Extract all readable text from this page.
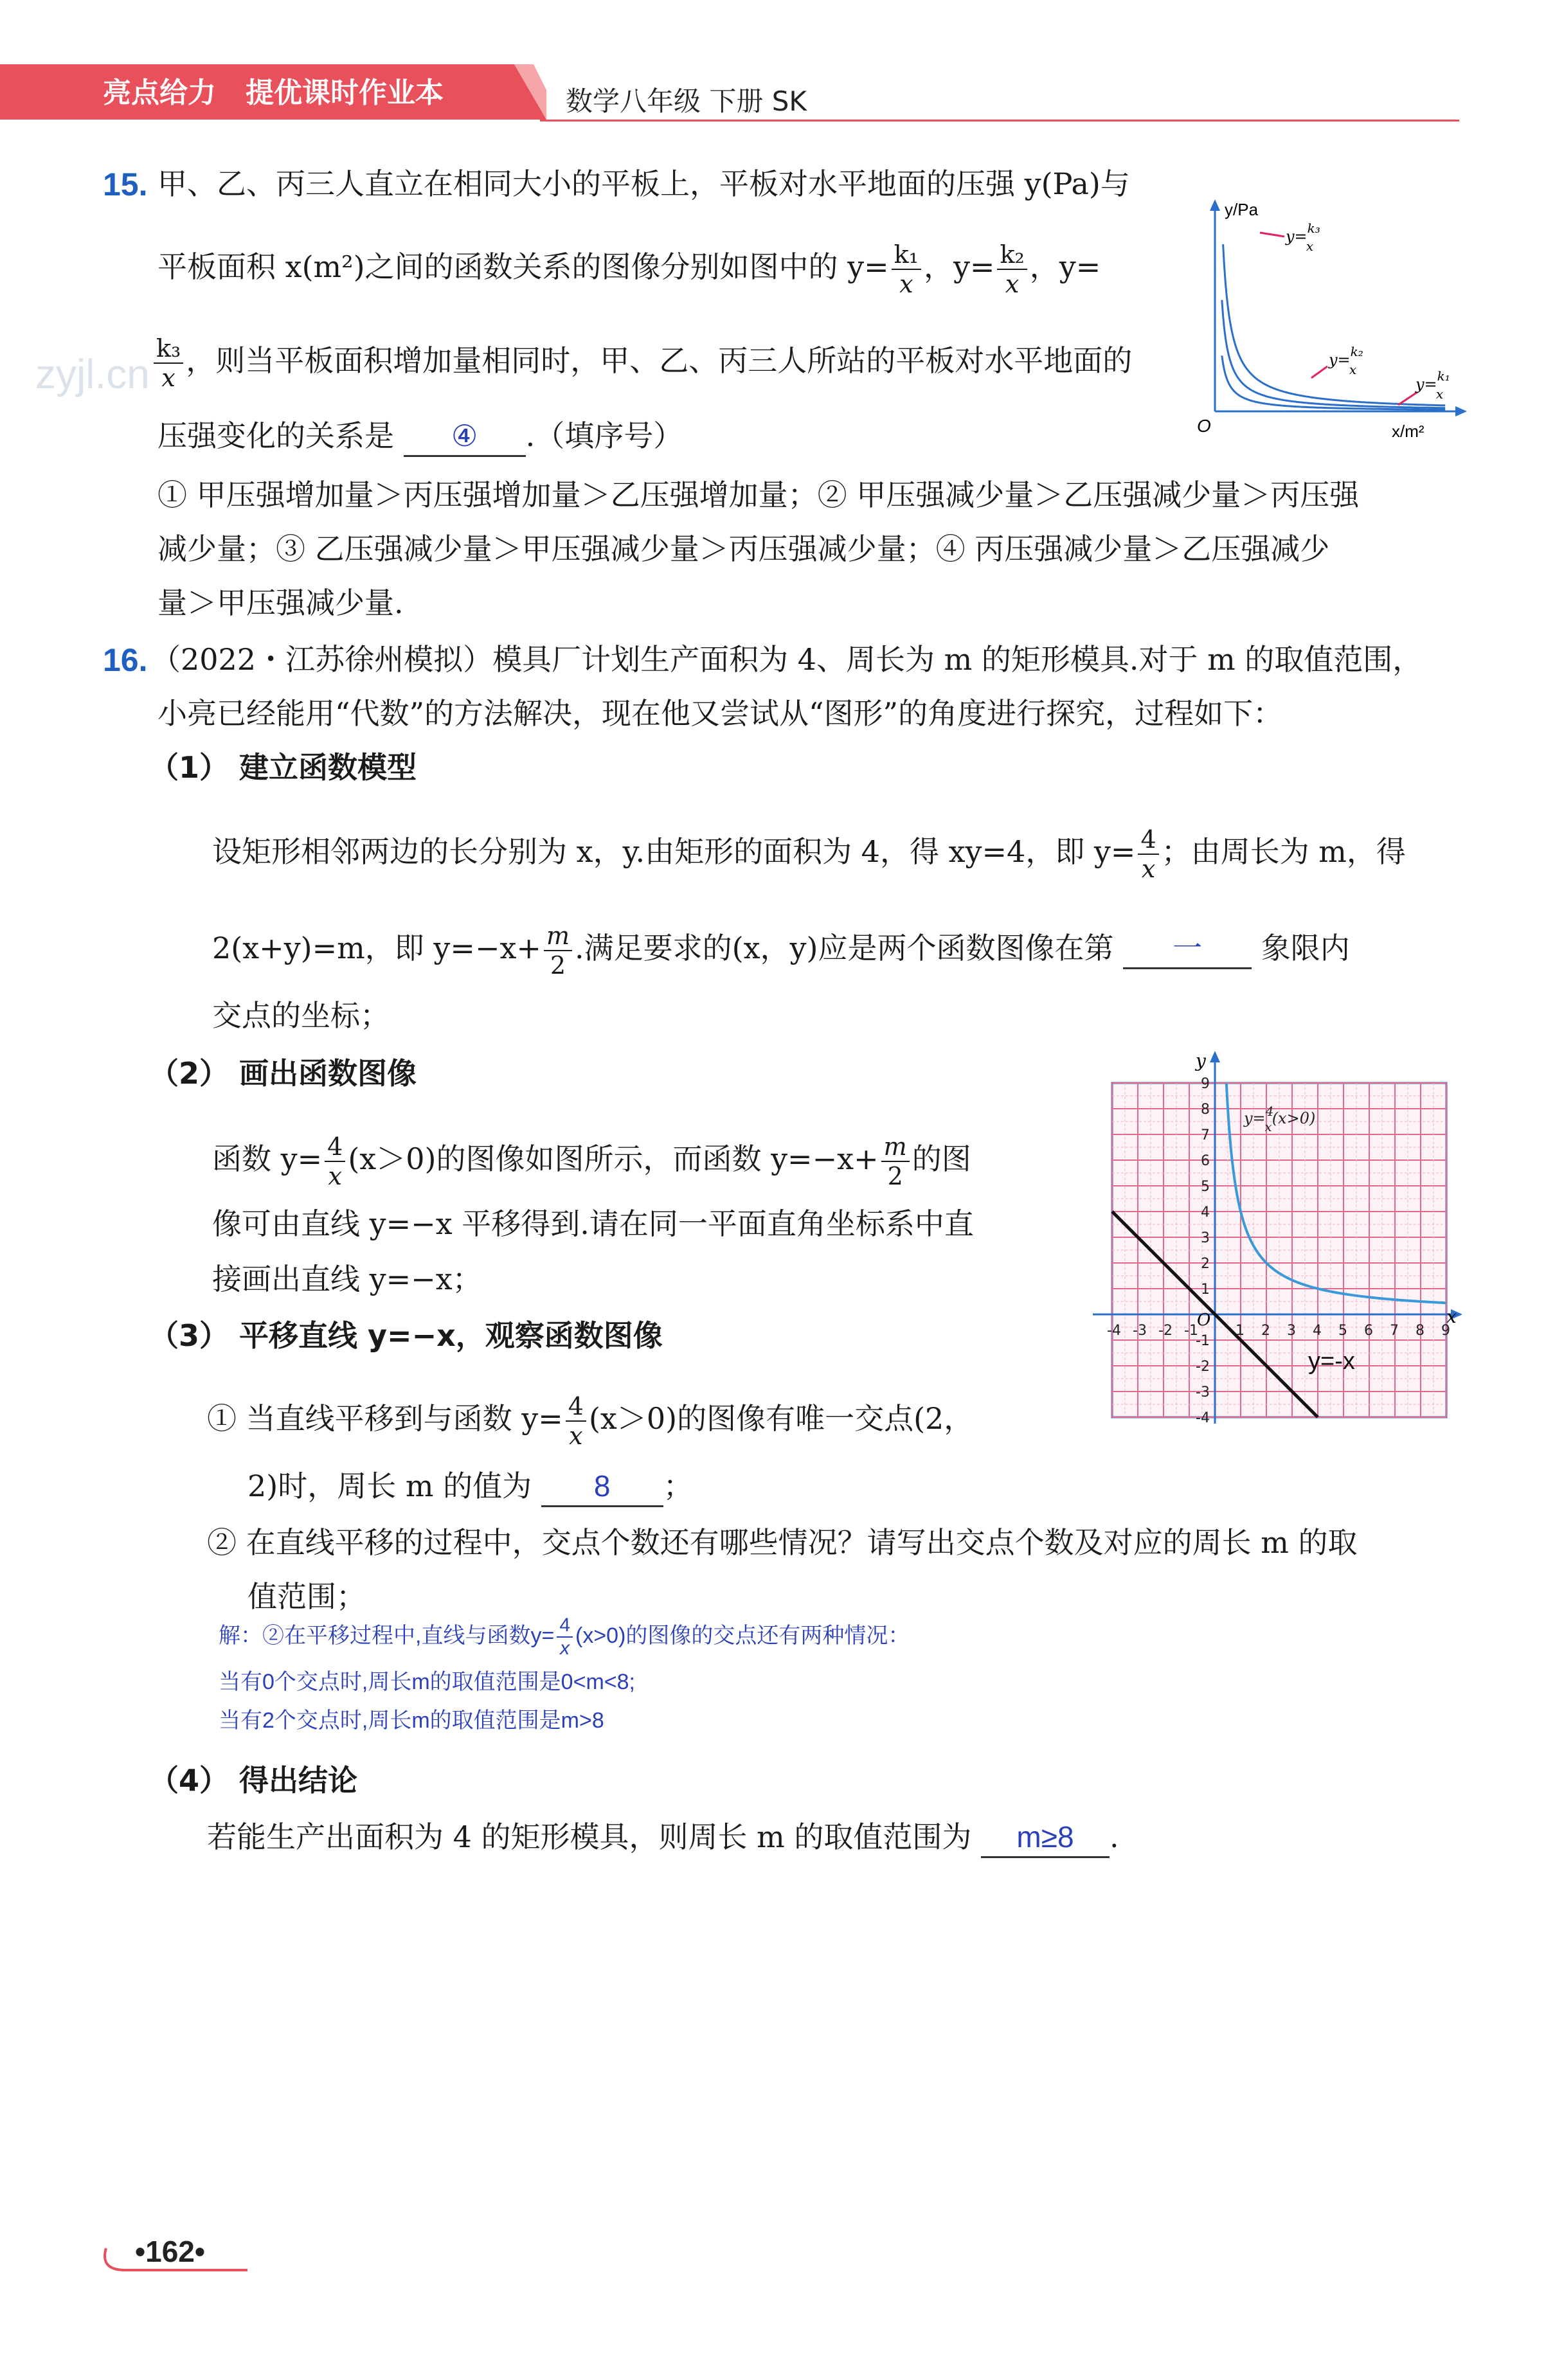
亮点给力 提优课时作业本	数学八年级 下册 SK
zyjl.cn
15. 甲、乙、丙三人直立在相同大小的平板上，平板对水平地面的压强 y(Pa)与
平板面积 x(m²)之间的函数关系的图像分别如图中的 $y= \frac{\text{k₁}}{x}$ ，$y= \frac{\text{k₂}}{x}$ ，y=
$\frac{\text{k₃}}{x}$ ，则当平板面积增加量相同时，甲、乙、丙三人所站的平板对水平地面的
压强变化的关系是 ④ .（填序号）
① 甲压强增加量＞丙压强增加量＞乙压强增加量；② 甲压强减少量＞乙压强减少量＞丙压强
减少量；③ 乙压强减少量＞甲压强减少量＞丙压强减少量；④ 丙压强减少量＞乙压强减少
量＞甲压强减少量.
y/Pa
x/m²
O
y=$^{k_3}$ x
y=$^{k_2}$ x
y=$^{k_1}$ x
16. （2022・江苏徐州模拟）模具厂计划生产面积为 4、周长为 m 的矩形模具.对于 m 的取值范围，
小亮已经能用“代数”的方法解决，现在他又尝试从“图形”的角度进行探究，过程如下：
（1） 建立函数模型
设矩形相邻两边的长分别为 x，y.由矩形的面积为 4，得 xy=4，即 $y= \frac{4}{x}$ ；由周长为 m，得
2(x+y)=m，即 $y=-x+ \frac{m}{2}$ .满足要求的(x，y)应是两个函数图像在第 一 象限内
交点的坐标；
（2） 画出函数图像
函数 $y= \frac{4}{x} (x>0)$的图像如图所示，而函数 $y=-x+ \frac{m}{2}$ 的图
像可由直线 y=−x 平移得到.请在同一平面直角坐标系中直
接画出直线 y=−x；
（3） 平移直线 y=−x，观察函数图像
① 当直线平移到与函数 $y= \frac{4}{x} (x>0)$的图像有唯一交点(2，
2)时，周长 m 的值为 8 ；
② 在直线平移的过程中，交点个数还有哪些情况？请写出交点个数及对应的周长 m 的取
值范围；
解：②在平移过程中,直线与函数$y= \frac{4}{x} (x>0)$的图像的交点还有两种情况：
当有0个交点时,周长m的取值范围是0<m<8;
当有2个交点时,周长m的取值范围是m>8
（4） 得出结论
若能生产出面积为 4 的矩形模具，则周长 m 的取值范围为 m≥8 .
-4 -3 -2 -1	1 2 3 4 5 6 7 8 9
9
8
7
6
5
4
3
2
1
-1
-2
-3
-4
y=$^4$ x(x>0)
y=-x
O
y
x
•162•
